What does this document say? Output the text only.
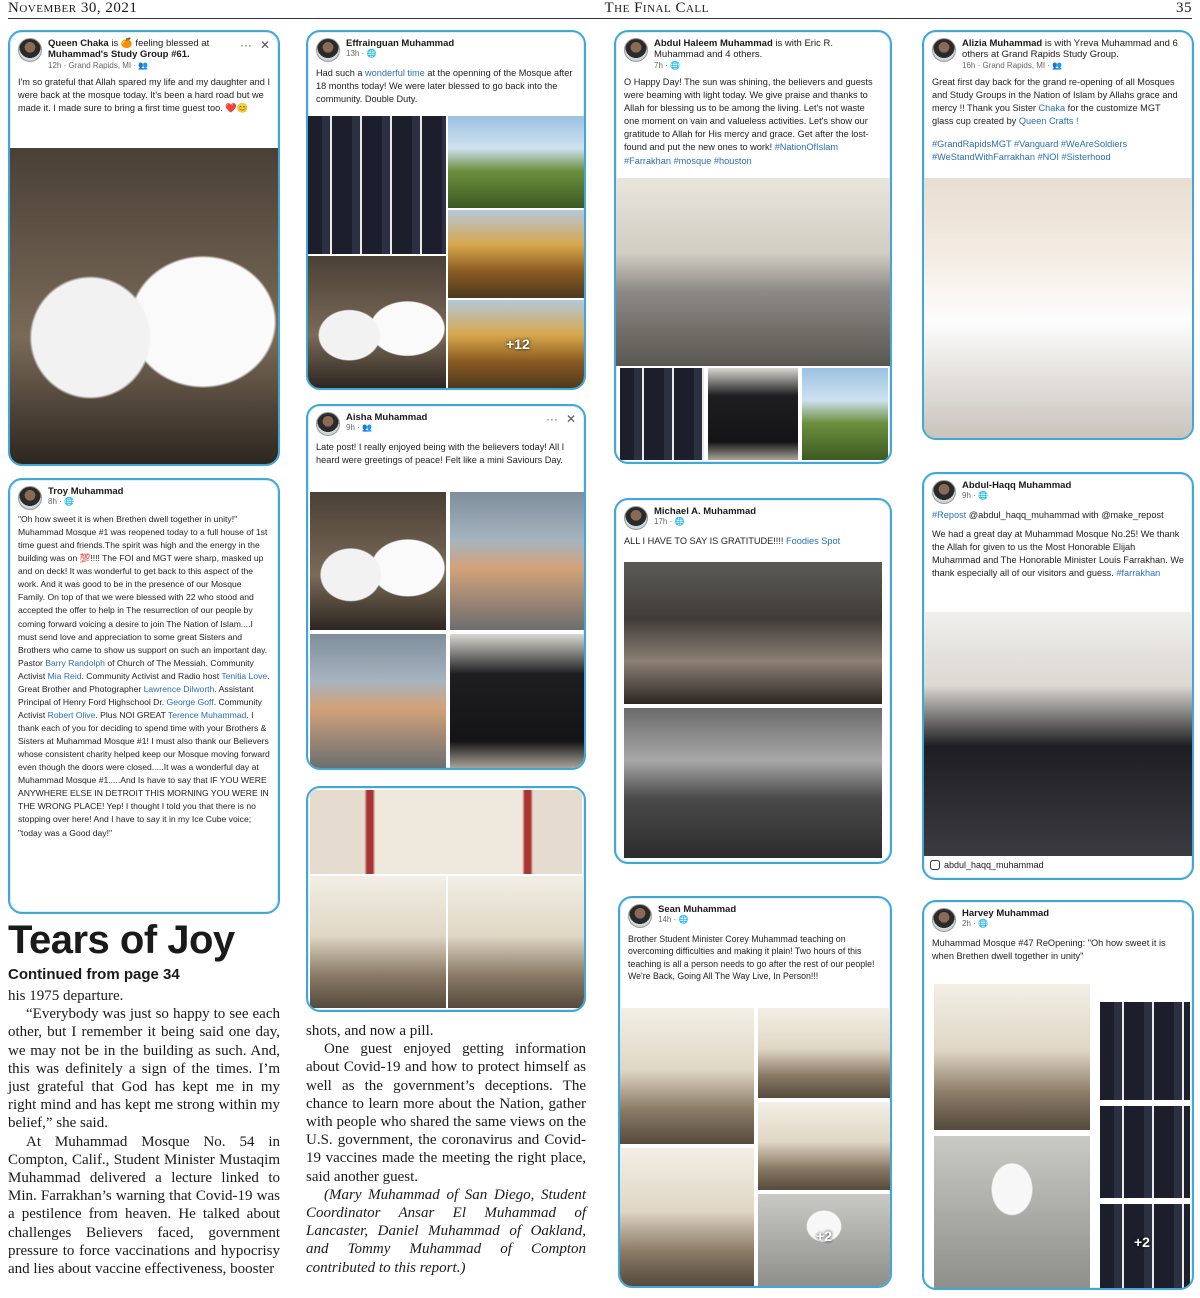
November 30, 2021	The Final Call	35
Queen Chaka is 🍊 feeling blessed at Muhammad's Study Group #61.
12h · Grand Rapids, MI · 👥
··· ✕
I'm so grateful that Allah spared my life and my daughter and I were back at the mosque today. It's been a hard road but we made it. I made sure to bring a first time guest too. ❤️😊
Effrainguan Muhammad
13h · 🌐
Had such a wonderful time at the openning of the Mosque after 18 months today! We were later blessed to go back into the community. Double Duty.
+12
Abdul Haleem Muhammad is with Eric R. Muhammad and 4 others.
7h · 🌐
O Happy Day! The sun was shining, the believers and guests were beaming with light today. We give praise and thanks to Allah for blessing us to be among the living. Let's not waste one moment on vain and valueless activities. Let's show our gratitude to Allah for His mercy and grace. Get after the lost-found and put the new ones to work! #NationOfIslam #Farrakhan #mosque #houston
Alizia Muhammad is with Yreva Muhammad and 6 others at Grand Rapids Study Group.
16h · Grand Rapids, MI · 👥
Great first day back for the grand re-opening of all Mosques and Study Groups in the Nation of Islam by Allahs grace and mercy !! Thank you Sister Chaka for the customize MGT glass cup created by Queen Crafts !
#GrandRapidsMGT #Vanguard #WeAreSoldiers #WeStandWithFarrakhan #NOI #Sisterhood
Troy Muhammad
8h · 🌐
"Oh how sweet it is when Brethen dwell together in unity!"
Muhammad Mosque #1 was reopened today to a full house of 1st time guest and friends.The spirit was high and the energy in the building was on 💯!!!! The FOI and MGT were sharp, masked up and on deck! It was wonderful to get back to this aspect of the work. And it was good to be in the presence of our Mosque Family. On top of that we were blessed with 22 who stood and accepted the offer to help in The resurrection of our people by coming forward voicing a desire to join The Nation of Islam....I must send love and appreciation to some great Sisters and Brothers who came to show us support on such an important day. Pastor Barry Randolph of Church of The Messiah. Community Activist Mia Reid. Community Activist and Radio host Tenitia Love. Great Brother and Photographer Lawrence Dilworth. Assistant Principal of Henry Ford Highschool Dr. George Goff. Community Activist Robert Olive. Plus NOI GREAT Terence Muhammad. I thank each of you for deciding to spend time with your Brothers & Sisters at Muhammad Mosque #1! I must also thank our Believers whose consistent charity helped keep our Mosque moving forward even though the doors were closed.....It was a wonderful day at Muhammad Mosque #1.....And Is have to say that IF YOU WERE ANYWHERE ELSE IN DETROIT THIS MORNING YOU WERE IN THE WRONG PLACE! Yep! I thought I told you that there is no stopping over here! And I have to say it in my Ice Cube voice; "today was a Good day!"
Aisha Muhammad
9h · 👥
··· ✕
Late post! I really enjoyed being with the believers today! All I heard were greetings of peace! Felt like a mini Saviours Day.
Michael A. Muhammad
17h · 🌐
ALL I HAVE TO SAY IS GRATITUDE!!!! Foodies Spot
Abdul-Haqq Muhammad
9h · 🌐
#Repost @abdul_haqq_muhammad with @make_repost
We had a great day at Muhammad Mosque No.25! We thank the Allah for given to us the Most Honorable Elijah Muhammad and The Honorable Minister Louis Farrakhan. We thank especially all of our visitors and guess. #farrakhan
abdul_haqq_muhammad
Sean Muhammad
14h · 🌐
Brother Student Minister Corey Muhammad teaching on overcoming difficulties and making it plain! Two hours of this teaching is all a person needs to go after the rest of our people! We're Back, Going All The Way Live, In Person!!!
+2
Harvey Muhammad
2h · 🌐
Muhammad Mosque #47 ReOpening: "Oh how sweet it is when Brethen dwell together in unity"
+2
Tears of Joy
Continued from page 34

his 1975 departure.

“Everybody was just so happy to see each other, but I remember it being said one day, we may not be in the building as such. And, this was definitely a sign of the times. I’m just grateful that God has kept me in my right mind and has kept me strong within my belief,” she said.

At Muhammad Mosque No. 54 in Compton, Calif., Student Minister Mustaqim Muhammad delivered a lecture linked to Min. Farrakhan’s warning that Covid-19 was a pestilence from heaven. He talked about challenges Believers faced, government pressure to force vaccinations and hypocrisy and lies about vaccine effectiveness, booster

shots, and now a pill.

One guest enjoyed getting information about Covid-19 and how to protect himself as well as the government’s deceptions. The chance to learn more about the Nation, gather with people who shared the same views on the U.S. government, the coronavirus and Covid-19 vaccines made the meeting the right place, said another guest.

(Mary Muhammad of San Diego, Student Coordinator Ansar El Muhammad of Lancaster, Daniel Muhammad of Oakland, and Tommy Muhammad of Compton contributed to this report.)
